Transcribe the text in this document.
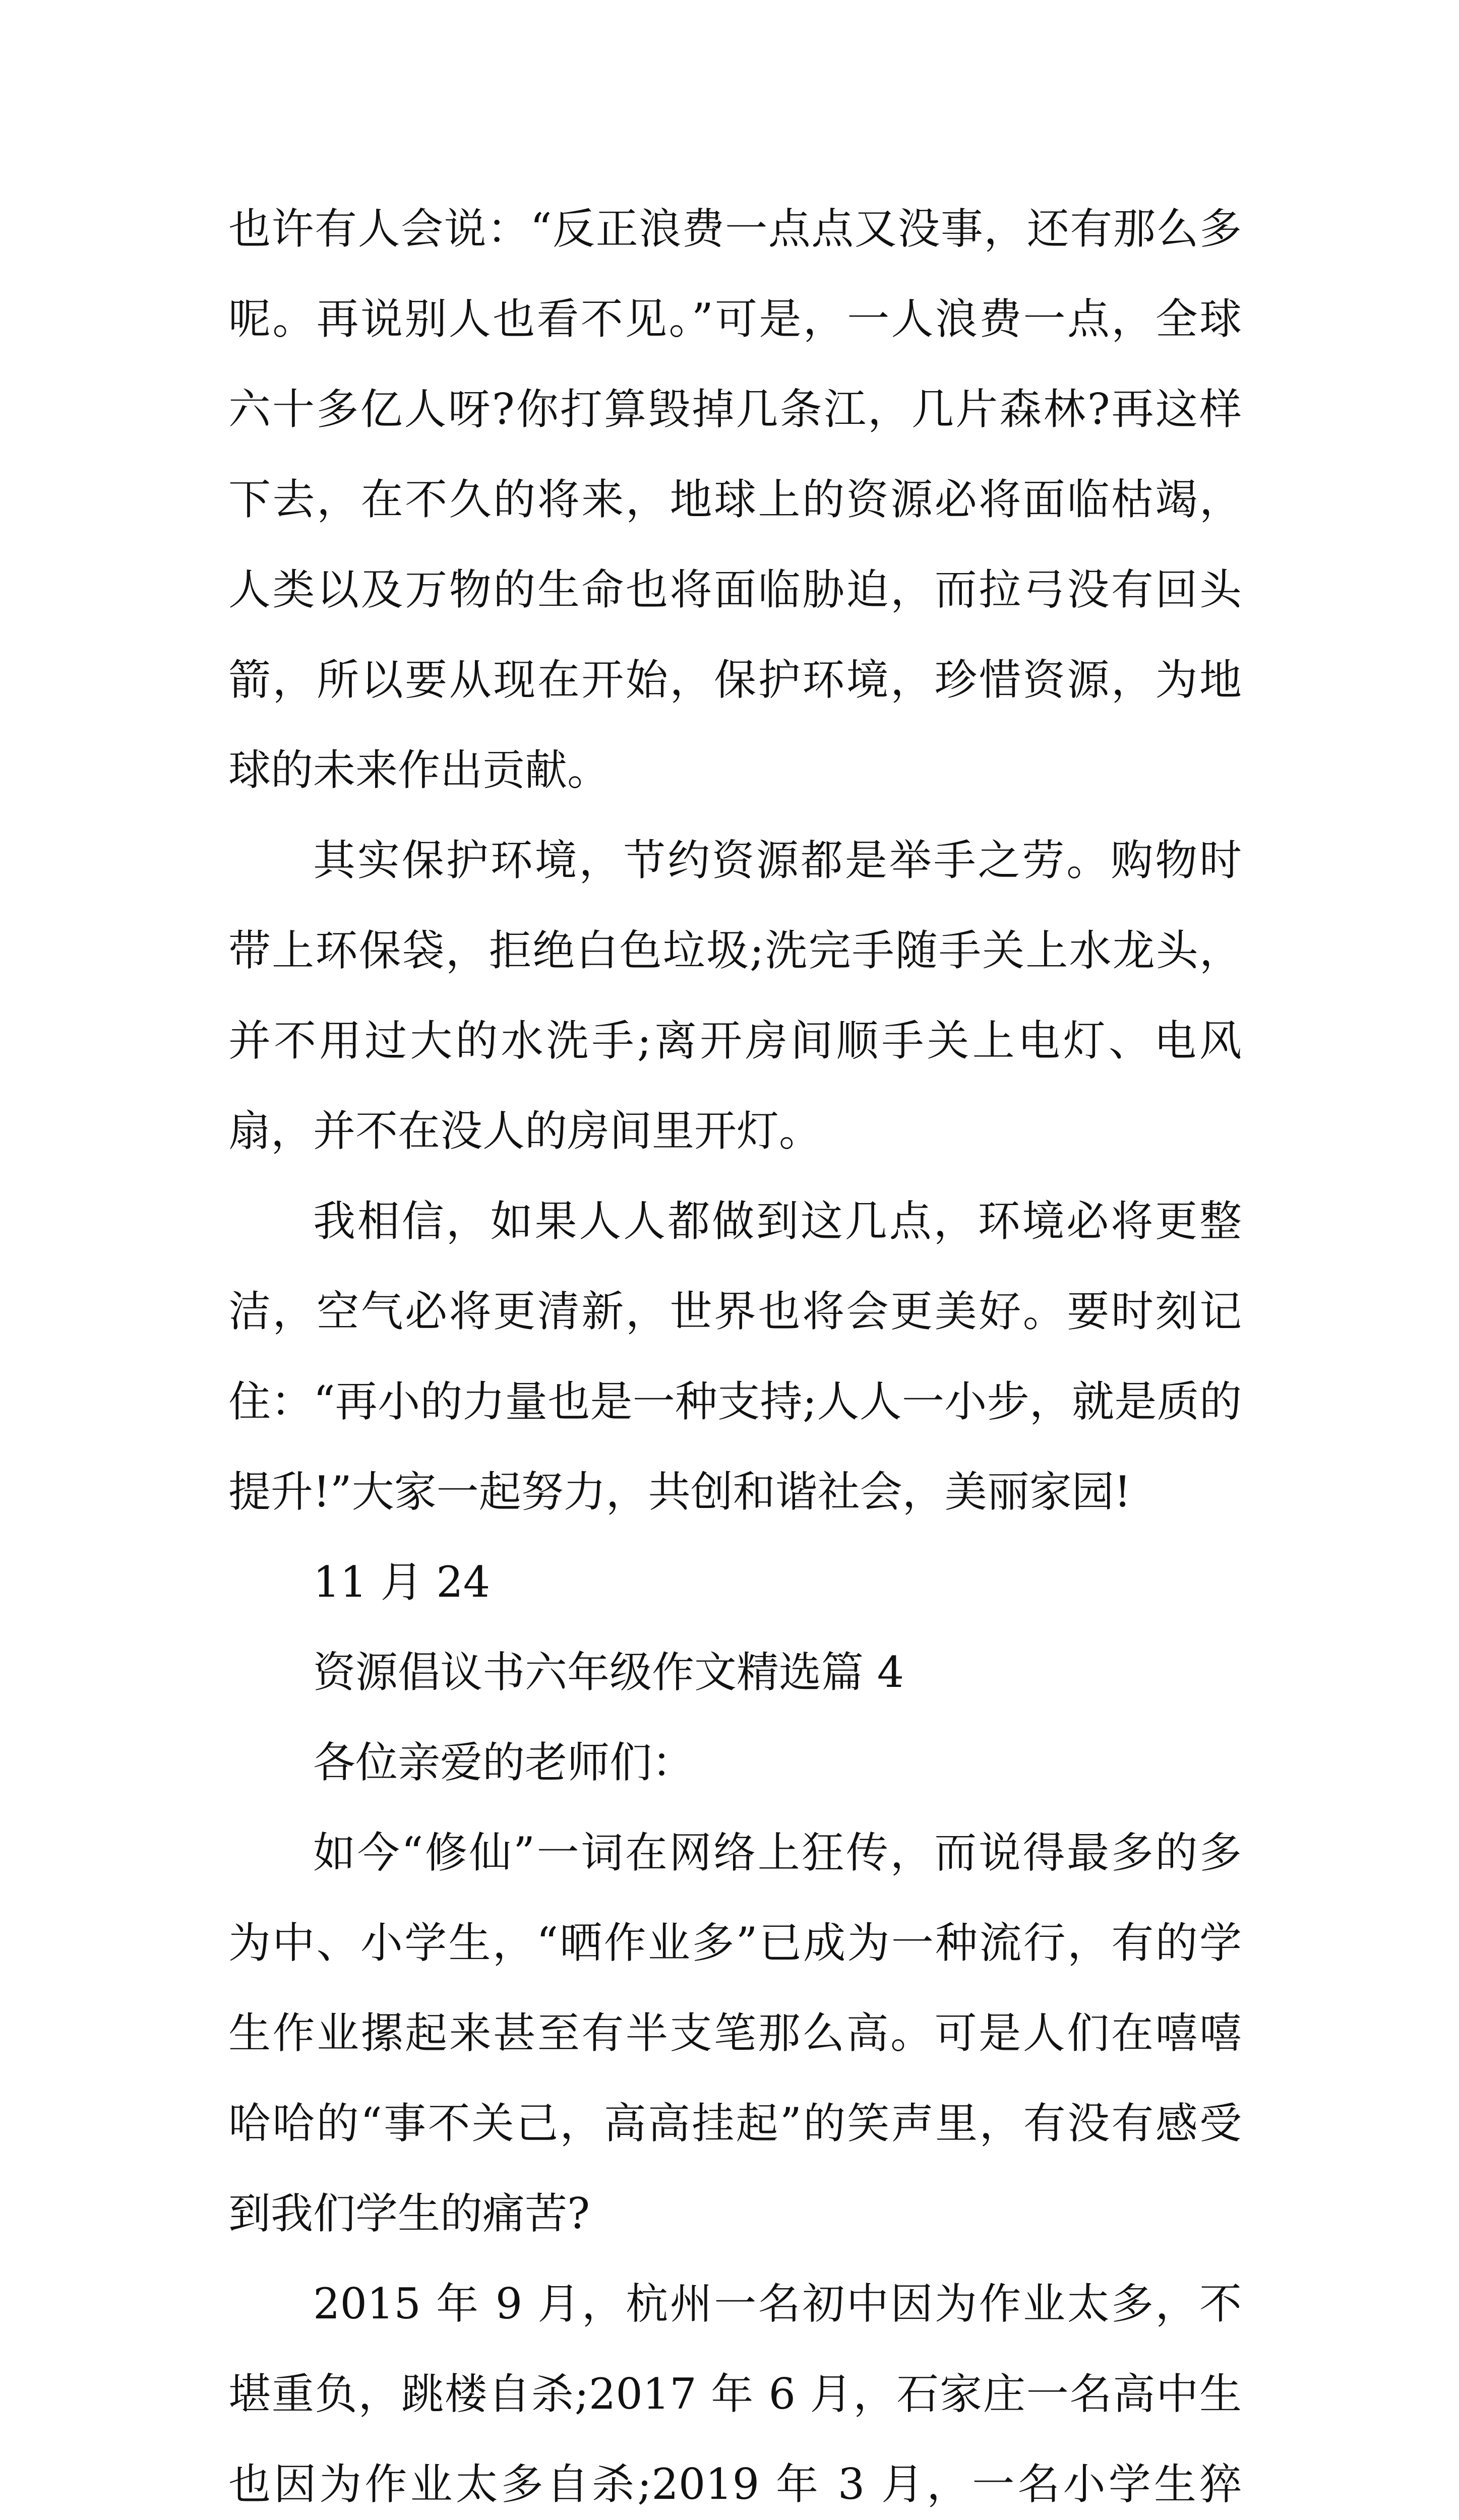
也许有人会说：“反正浪费一点点又没事，还有那么多呢。再说别人也看不见。”可是，一人浪费一点，全球六十多亿人呀?你打算毁掉几条江，几片森林?再这样下去，在不久的将来，地球上的资源必将面临枯竭，人类以及万物的生命也将面临胁迫，而拉弓没有回头箭，所以要从现在开始，保护环境，珍惜资源，为地球的未来作出贡献。

其实保护环境，节约资源都是举手之劳。购物时带上环保袋，拒绝白色垃圾;洗完手随手关上水龙头，并不用过大的水洗手;离开房间顺手关上电灯、电风扇，并不在没人的房间里开灯。

我相信，如果人人都做到这几点，环境必将更整洁，空气必将更清新，世界也将会更美好。要时刻记住：“再小的力量也是一种支持;人人一小步，就是质的提升!”大家一起努力，共创和谐社会，美丽家园!

11 月 24

资源倡议书六年级作文精选篇 4

各位亲爱的老师们：

如今“修仙”一词在网络上狂传，而说得最多的多为中、小学生，“晒作业多”已成为一种流行，有的学生作业摞起来甚至有半支笔那么高。可是人们在嘻嘻哈哈的“事不关己，高高挂起”的笑声里，有没有感受到我们学生的痛苦?

2015 年 9 月，杭州一名初中因为作业太多，不堪重负，跳楼自杀;2017 年 6 月，石家庄一名高中生也因为作业太多自杀;2019 年 3 月，一名小学生猝
